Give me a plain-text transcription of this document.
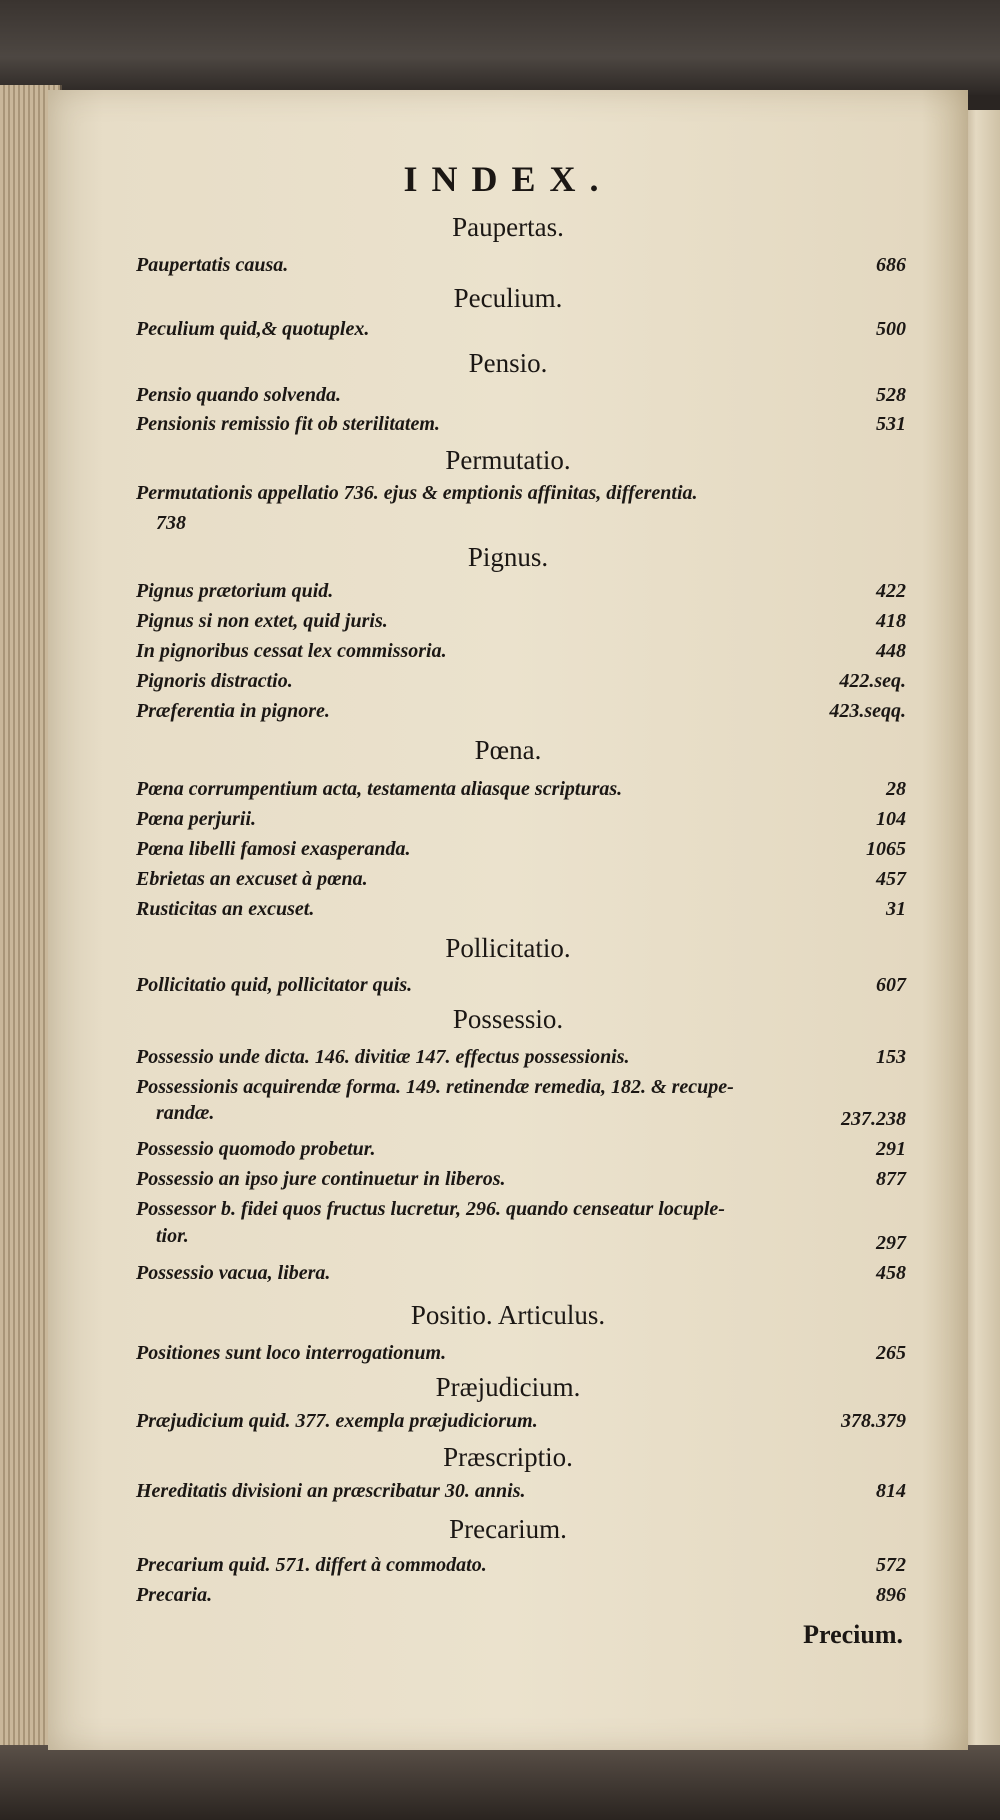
INDEX.
Paupertas.
Paupertatis causa.	686
Peculium.
Peculium quid,& quotuplex.	500
Pensio.
Pensio quando solvenda.	528
Pensionis remissio fit ob sterilitatem.	531
Permutatio.
Permutationis appellatio 736. ejus & emptionis affinitas, differentia.
738
Pignus.
Pignus prætorium quid.	422
Pignus si non extet, quid juris.	418
In pignoribus cessat lex commissoria.	448
Pignoris distractio.	422.seq.
Præferentia in pignore.	423.seqq.
Pœna.
Pœna corrumpentium acta, testamenta aliasque scripturas.	28
Pœna perjurii.	104
Pœna libelli famosi exasperanda.	1065
Ebrietas an excuset à pœna.	457
Rusticitas an excuset.	31
Pollicitatio.
Pollicitatio quid, pollicitator quis.	607
Possessio.
Possessio unde dicta. 146. divitiæ 147. effectus possessionis.	153
Possessionis acquirendæ forma. 149. retinendæ remedia, 182. & recupe-
randæ.	237.238
Possessio quomodo probetur.	291
Possessio an ipso jure continuetur in liberos.	877
Possessor b. fidei quos fructus lucretur, 296. quando censeatur locuple-
tior.	297
Possessio vacua, libera.	458
Positio. Articulus.
Positiones sunt loco interrogationum.	265
Præjudicium.
Præjudicium quid. 377. exempla præjudiciorum.	378.379
Præscriptio.
Hereditatis divisioni an præscribatur 30. annis.	814
Precarium.
Precarium quid. 571. differt à commodato.	572
Precaria.	896
Precium.
